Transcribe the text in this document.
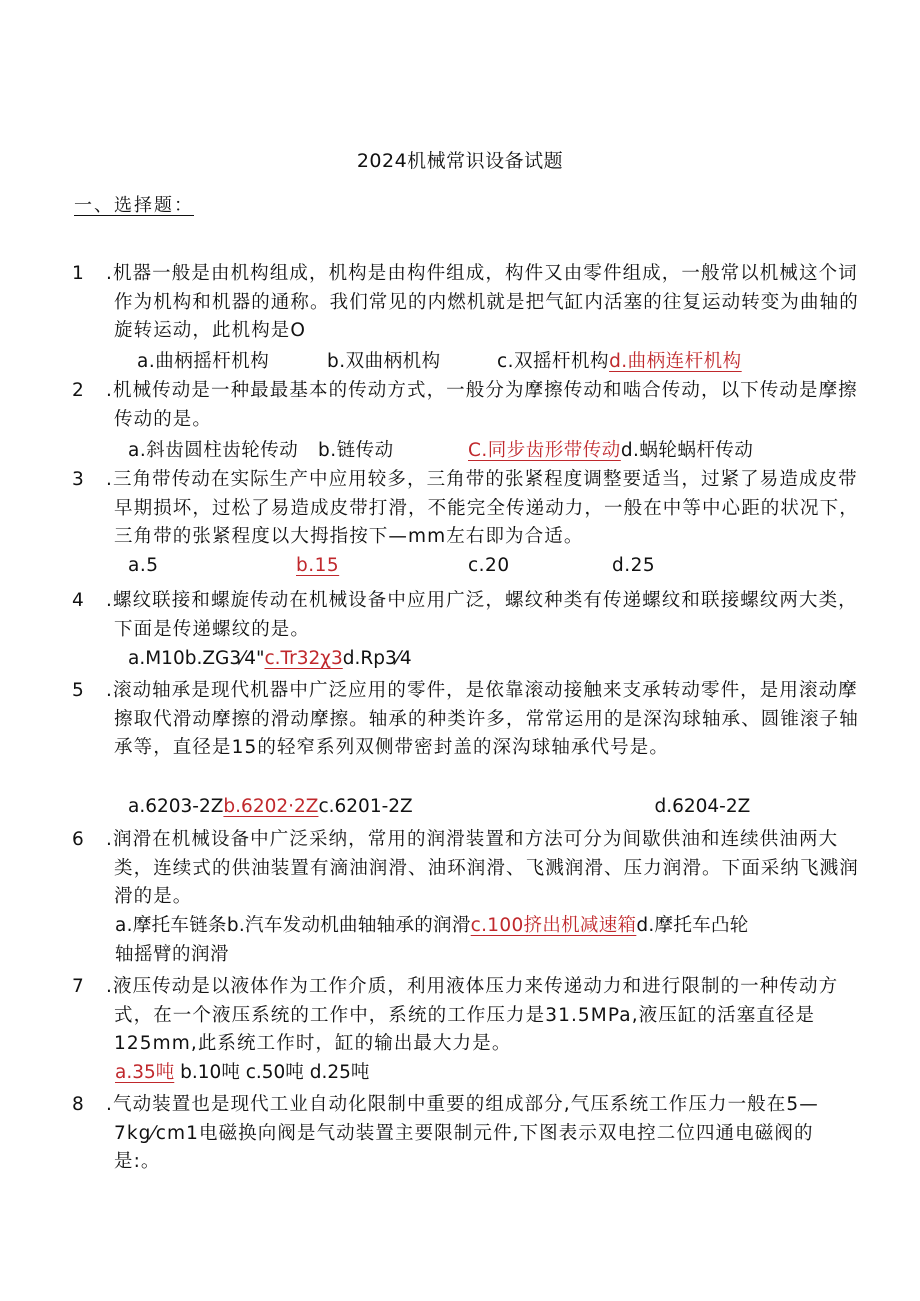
2024机械常识设备试题
一、选择题：
1 .机器一般是由机构组成，机构是由构件组成，构件又由零件组成，一般常以机械这个词作为机构和机器的通称。我们常见的内燃机就是把气缸内活塞的往复运动转变为曲轴的旋转运动，此机构是O
a.曲柄摇杆机构	b.双曲柄机构	c.双摇杆机构d.曲柄连杆机构
2 .机械传动是一种最最基本的传动方式，一般分为摩擦传动和啮合传动，以下传动是摩擦传动的是。
a.斜齿圆柱齿轮传动 b.链传动	C.同步齿形带传动d.蜗轮蜗杆传动
3 .三角带传动在实际生产中应用较多，三角带的张紧程度调整要适当，过紧了易造成皮带早期损坏，过松了易造成皮带打滑，不能完全传递动力，一般在中等中心距的状况下，三角带的张紧程度以大拇指按下—mm左右即为合适。
a.5	b.15	c.20	d.25
4 .螺纹联接和螺旋传动在机械设备中应用广泛，螺纹种类有传递螺纹和联接螺纹两大类，下面是传递螺纹的是。
a.M10b.ZG3⁄4"c.Tr32χ3d.Rp3⁄4
5 .滚动轴承是现代机器中广泛应用的零件，是依靠滚动接触来支承转动零件，是用滚动摩擦取代滑动摩擦的滑动摩擦。轴承的种类许多，常常运用的是深沟球轴承、圆锥滚子轴承等，直径是15的轻窄系列双侧带密封盖的深沟球轴承代号是。
a.6203-2Zb.6202·2Zc.6201-2Z	d.6204-2Z
6 .润滑在机械设备中广泛采纳，常用的润滑装置和方法可分为间歇供油和连续供油两大类，连续式的供油装置有滴油润滑、油环润滑、飞溅润滑、压力润滑。下面采纳飞溅润滑的是。
a.摩托车链条b.汽车发动机曲轴轴承的润滑c.100挤出机减速箱d.摩托车凸轮
轴摇臂的润滑
7 .液压传动是以液体作为工作介质，利用液体压力来传递动力和进行限制的一种传动方式，在一个液压系统的工作中，系统的工作压力是31.5MPa,液压缸的活塞直径是125mm,此系统工作时，缸的输出最大力是。
a.35吨 b.10吨 c.50吨 d.25吨
8 .气动装置也是现代工业自动化限制中重要的组成部分,气压系统工作压力一般在5—7kg⁄cm1电磁换向阀是气动装置主要限制元件,下图表示双电控二位四通电磁阀的是:。
